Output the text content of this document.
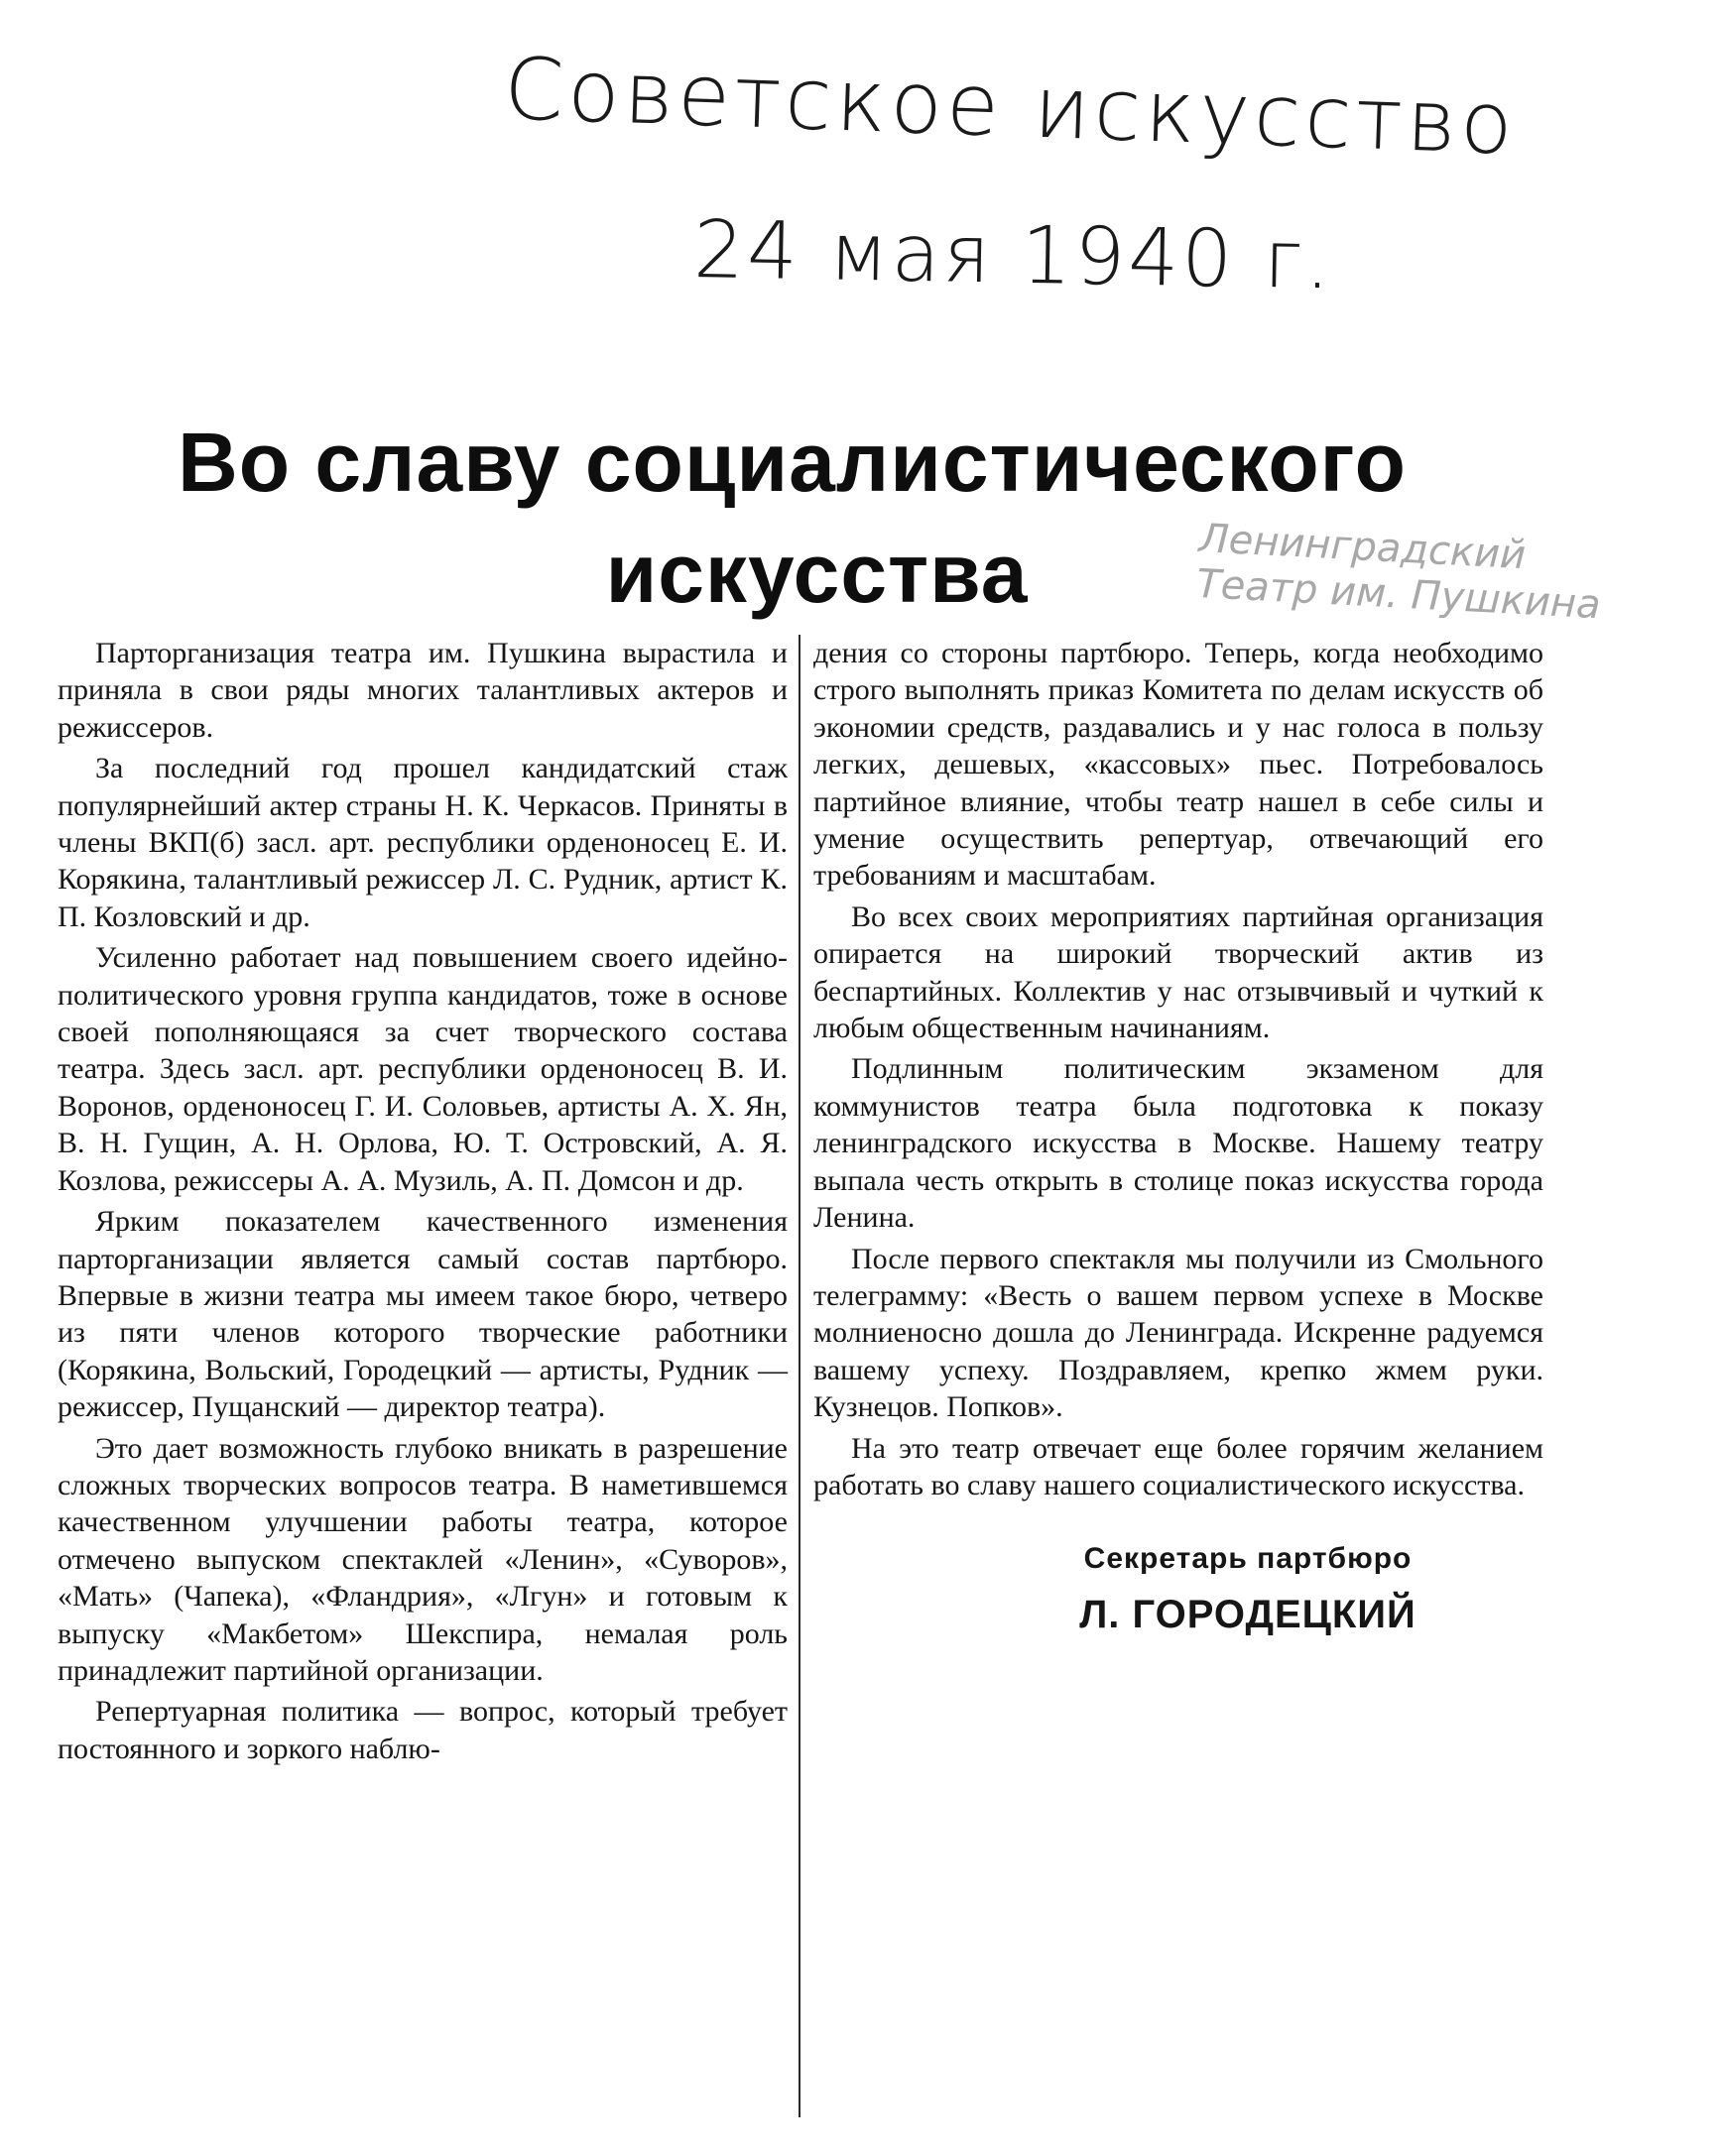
Советское искусство
24 мая 1940 г.
Ленинградский
Театр им. Пушкина
Во славу социалистического
искусства

Парторганизация театра им. Пушкина вырастила и приняла в свои ряды многих талантливых актеров и режиссеров.

За последний год прошел кандидатский стаж популярнейший актер страны Н. К. Черкасов. Приняты в члены ВКП(б) засл. арт. республики орденоносец Е. И. Корякина, талантливый режиссер Л. С. Рудник, артист К. П. Козловский и др.

Усиленно работает над повышением своего идейно-политического уровня группа кандидатов, тоже в основе своей пополняющаяся за счет творческого состава театра. Здесь засл. арт. республики орденоносец В. И. Воронов, орденоносец Г. И. Соловьев, артисты А. Х. Ян, В. Н. Гущин, А. Н. Орлова, Ю. Т. Островский, А. Я. Козлова, режиссеры А. А. Музиль, А. П. Домсон и др.

Ярким показателем качественного изменения парторганизации является самый состав партбюро. Впервые в жизни театра мы имеем такое бюро, четверо из пяти членов которого творческие работники (Корякина, Вольский, Городецкий — артисты, Рудник — режиссер, Пущанский — директор театра).

Это дает возможность глубоко вникать в разрешение сложных творческих вопросов театра. В наметившемся качественном улучшении работы театра, которое отмечено выпуском спектаклей «Ленин», «Суворов», «Мать» (Чапека), «Фландрия», «Лгун» и готовым к выпуску «Макбетом» Шекспира, немалая роль принадлежит партийной организации.

Репертуарная политика — вопрос, который требует постоянного и зоркого наблю-

дения со стороны партбюро. Теперь, когда необходимо строго выполнять приказ Комитета по делам искусств об экономии средств, раздавались и у нас голоса в пользу легких, дешевых, «кассовых» пьес. Потребовалось партийное влияние, чтобы театр нашел в себе силы и умение осуществить репертуар, отвечающий его требованиям и масштабам.

Во всех своих мероприятиях партийная организация опирается на широкий творческий актив из беспартийных. Коллектив у нас отзывчивый и чуткий к любым общественным начинаниям.

Подлинным политическим экзаменом для коммунистов театра была подготовка к показу ленинградского искусства в Москве. Нашему театру выпала честь открыть в столице показ искусства города Ленина.

После первого спектакля мы получили из Смольного телеграмму: «Весть о вашем первом успехе в Москве молниеносно дошла до Ленинграда. Искренне радуемся вашему успеху. Поздравляем, крепко жмем руки. Кузнецов. Попков».

На это театр отвечает еще более горячим желанием работать во славу нашего социалистического искусства.

Секретарь партбюро
Л. ГОРОДЕЦКИЙ
